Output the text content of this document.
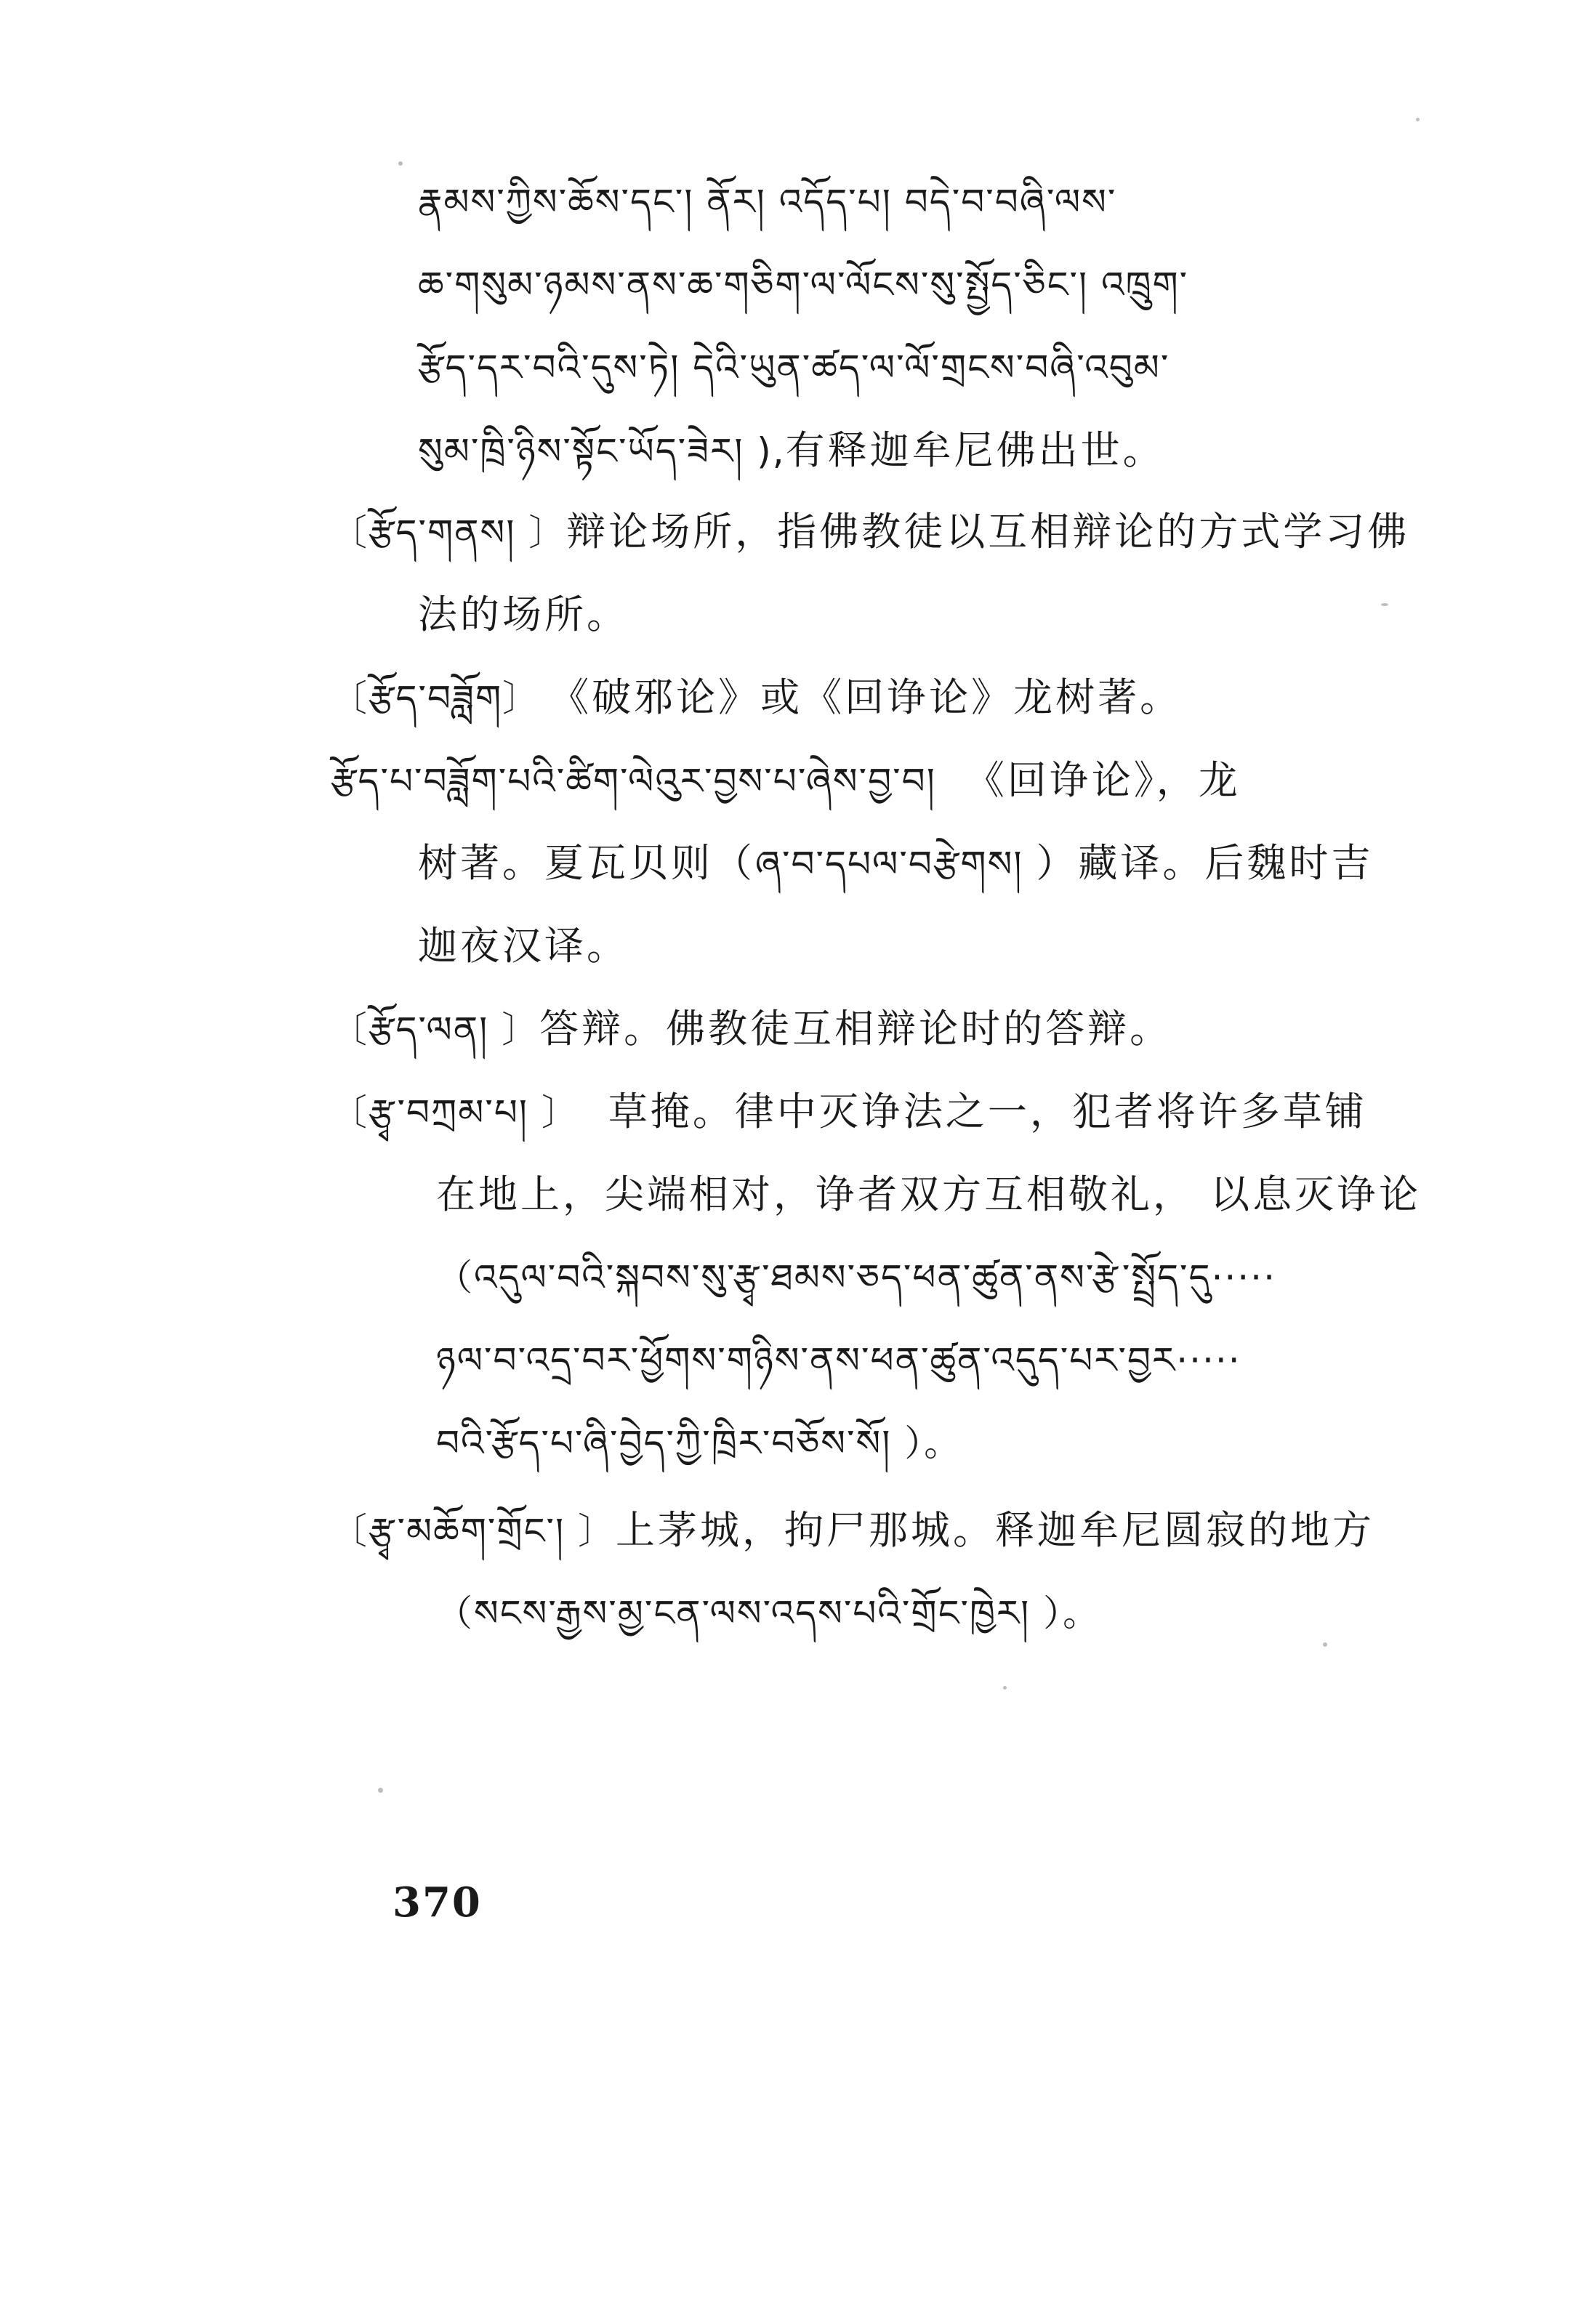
རྣམས་ཀྱིས་ཆོས་དང་། ནོར། འདོད་པ། བདེ་བ་བཞི་ལས་
ཆ་གསུམ་ཉམས་ནས་ཆ་གཅིག་ལ་ལོངས་སུ་སྤྱོད་ཅིང་། འཁྲུག་
རྩོད་དར་བའི་དུས་ཏེ། དེའི་ཡུན་ཚད་ལ་ལོ་གྲངས་བཞི་འབུམ་
སུམ་ཁྲི་ཉིས་སྟོང་ཡོད་ཟེར། ),有释迦牟尼佛出世。
〔རྩོད་གནས། 〕辩论场所，指佛教徒以互相辩论的方式学习佛
法的场所。
〔རྩོད་བཟློག〕 《破邪论》或《回诤论》龙树著。
རྩོད་པ་བཟློག་པའི་ཚིག་ལེའུར་བྱས་པ་ཞེས་བྱ་བ། 《回诤论》，龙
树著。夏瓦贝则（ཞ་བ་དཔལ་བརྩེགས། ）藏译。后魏时吉
迦夜汉译。
〔རྩོད་ལན། 〕答辩。佛教徒互相辩论时的答辩。
〔རྩྭ་བཀྲམ་པ། 〕 草掩。律中灭诤法之一，犯者将许多草铺
在地上，尖端相对，诤者双方互相敬礼， 以息灭诤论
（འདུལ་བའི་སྐབས་སུ་རྩྭ་ཐམས་ཅད་ཕན་ཚུན་ནས་རྩེ་སྤྲོད་དུ·····
ཉལ་བ་འདྲ་བར་ཕྱོགས་གཉིས་ནས་ཕན་ཚུན་འདུད་པར་བྱར·····
བའི་རྩོད་པ་ཞི་བྱེད་ཀྱི་ཁྲིར་བཅོས་སོ། ）。
〔རྩྭ་མཆོག་གྲོང་། 〕上茅城，拘尸那城。释迦牟尼圆寂的地方
（སངས་རྒྱས་མྱ་ངན་ལས་འདས་པའི་གྲོང་ཁྱེར། ）。
370
